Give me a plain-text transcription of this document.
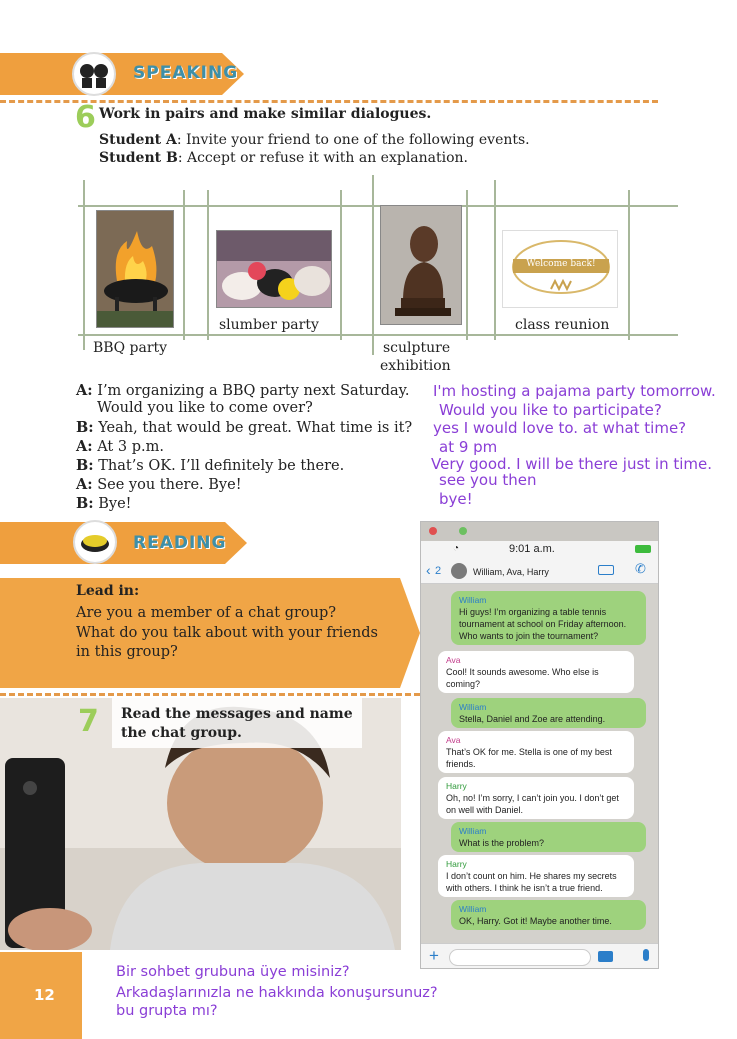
SPEAKING
6 Work in pairs and make similar dialogues.
Student A: Invite your friend to one of the following events.
Student B: Accept or refuse it with an explanation.
BBQ party
slumber party
sculpture
exhibition
Welcome back!
class reunion
A: I’m organizing a BBQ party next Saturday.
Would you like to come over?
B: Yeah, that would be great. What time is it?
A: At 3 p.m.
B: That’s OK. I’ll definitely be there.
A: See you there. Bye!
B: Bye!
I'm hosting a pajama party tomorrow.
Would you like to participate?
yes I would love to. at what time?
at 9 pm
Very good. I will be there just in time.
see you then
bye!
READING
Lead in:
Are you a member of a chat group?
What do you talk about with your friends
in this group?
7 Read the messages and name
the chat group.
◔	9:01 a.m.
‹ 2	William, Ava, Harry	✆
William
Hi guys! I’m organizing a table tennis
tournament at school on Friday afternoon.
Who wants to join the tournament?
Ava
Cool! It sounds awesome. Who else is
coming?
William
Stella, Daniel and Zoe are attending.
Ava
That’s OK for me. Stella is one of my best
friends.
Harry
Oh, no! I’m sorry, I can’t join you. I don’t get
on well with Daniel.
William
What is the problem?
Harry
I don’t count on him. He shares my secrets
with others. I think he isn’t a true friend.
William
OK, Harry. Got it! Maybe another time.
+
12
Bir sohbet grubuna üye misiniz?
Arkadaşlarınızla ne hakkında konuşursunuz?
bu grupta mı?
